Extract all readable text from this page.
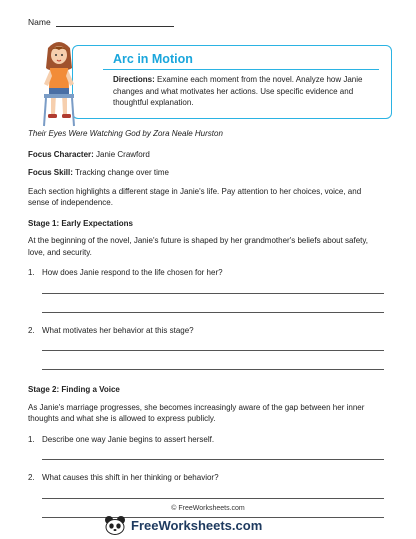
Name
Arc in Motion
Directions: Examine each moment from the novel. Analyze how Janie changes and what motivates her actions. Use specific evidence and thoughtful explanation.
Their Eyes Were Watching God by Zora Neale Hurston
Focus Character: Janie Crawford
Focus Skill: Tracking change over time
Each section highlights a different stage in Janie's life. Pay attention to her choices, voice, and sense of independence.
Stage 1: Early Expectations
At the beginning of the novel, Janie's future is shaped by her grandmother's beliefs about safety, love, and security.
1. How does Janie respond to the life chosen for her?
2. What motivates her behavior at this stage?
Stage 2: Finding a Voice
As Janie's marriage progresses, she becomes increasingly aware of the gap between her inner thoughts and what she is allowed to express publicly.
1. Describe one way Janie begins to assert herself.
2. What causes this shift in her thinking or behavior?
© FreeWorksheets.com
FreeWorksheets.com
